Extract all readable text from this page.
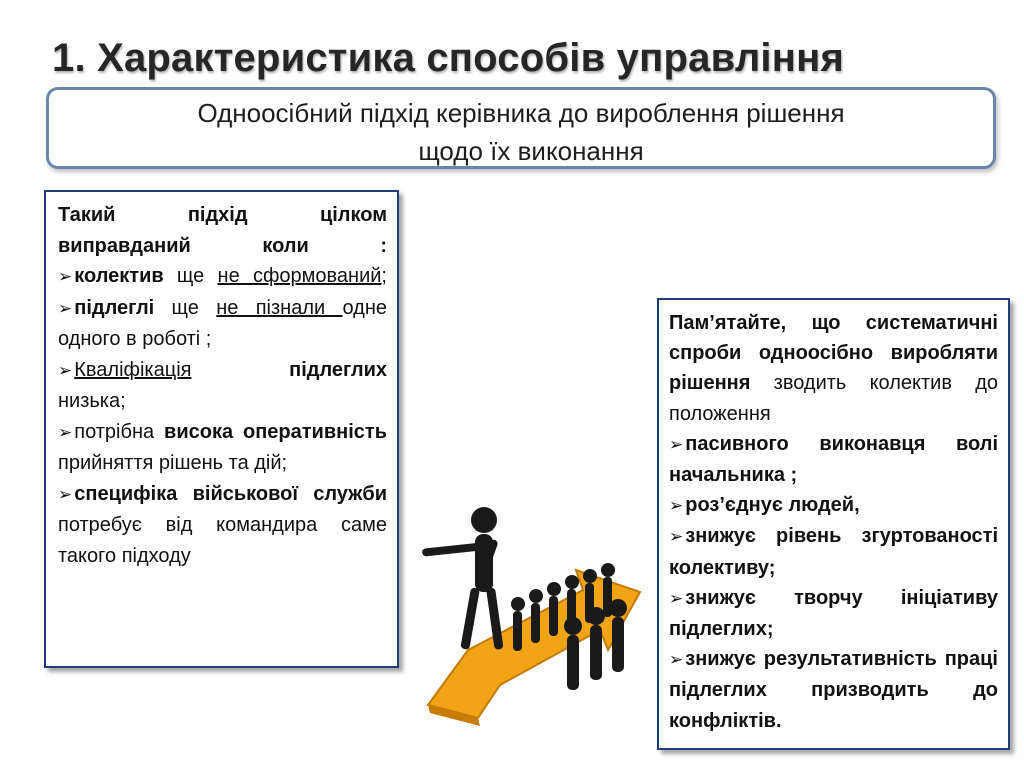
1. Характеристика способів управління
Одноосібний підхід керівника до вироблення рішення
щодо їх виконання

Такий підхід цілком виправданий коли :

➢ колектив ще не сформований;

➢ підлеглі ще не пізнали одне одного в роботі ;

➢ Кваліфікація	підлеглих
низька;

➢ потрібна висока оперативність прийняття рішень та дій;

➢ специфіка військової служби потребує від командира саме такого підходу

Пам’ятайте, що систематичні спроби одноосібно виробляти рішення зводить колектив до положення

➢ пасивного виконавця волі начальника ;

➢ роз’єднує людей,

➢ знижує рівень згуртованості колективу;

➢ знижує творчу ініціативу підлеглих;

➢ знижує результативність праці підлеглих призводить до конфліктів.
